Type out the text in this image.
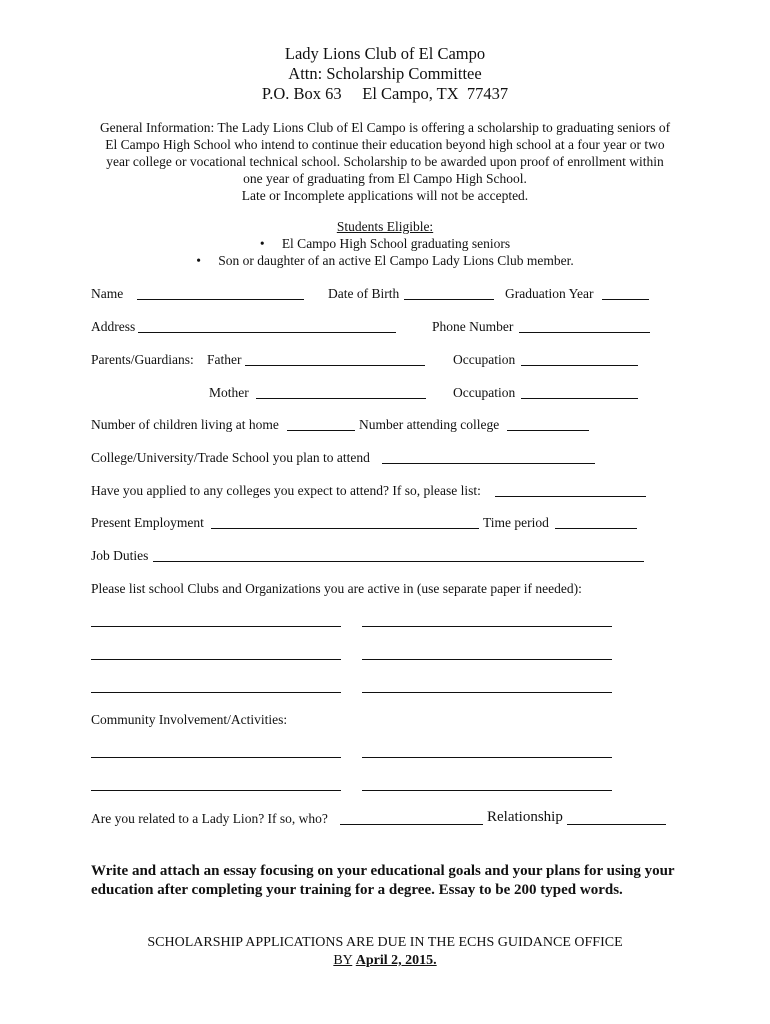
Lady Lions Club of El Campo
Attn: Scholarship Committee
P.O. Box 63     El Campo, TX  77437
General Information: The Lady Lions Club of El Campo is offering a scholarship to graduating seniors of
El Campo High School who intend to continue their education beyond high school at a four year or two
year college or vocational technical school. Scholarship to be awarded upon proof of enrollment within
one year of graduating from El Campo High School.
Late or Incomplete applications will not be accepted.
Students Eligible:
• El Campo High School graduating seniors
• Son or daughter of an active El Campo Lady Lions Club member.
Name	Date of Birth	Graduation Year
Address	Phone Number
Parents/Guardians: Father	Occupation
Mother	Occupation
Number of children living at home	Number attending college
College/University/Trade School you plan to attend
Have you applied to any colleges you expect to attend? If so, please list:
Present Employment	Time period
Job Duties
Please list school Clubs and Organizations you are active in (use separate paper if needed):
Community Involvement/Activities:
Are you related to a Lady Lion? If so, who?	Relationship
Write and attach an essay focusing on your educational goals and your plans for using your education after completing your training for a degree. Essay to be 200 typed words.
SCHOLARSHIP APPLICATIONS ARE DUE IN THE ECHS GUIDANCE OFFICE
BY April 2, 2015.
